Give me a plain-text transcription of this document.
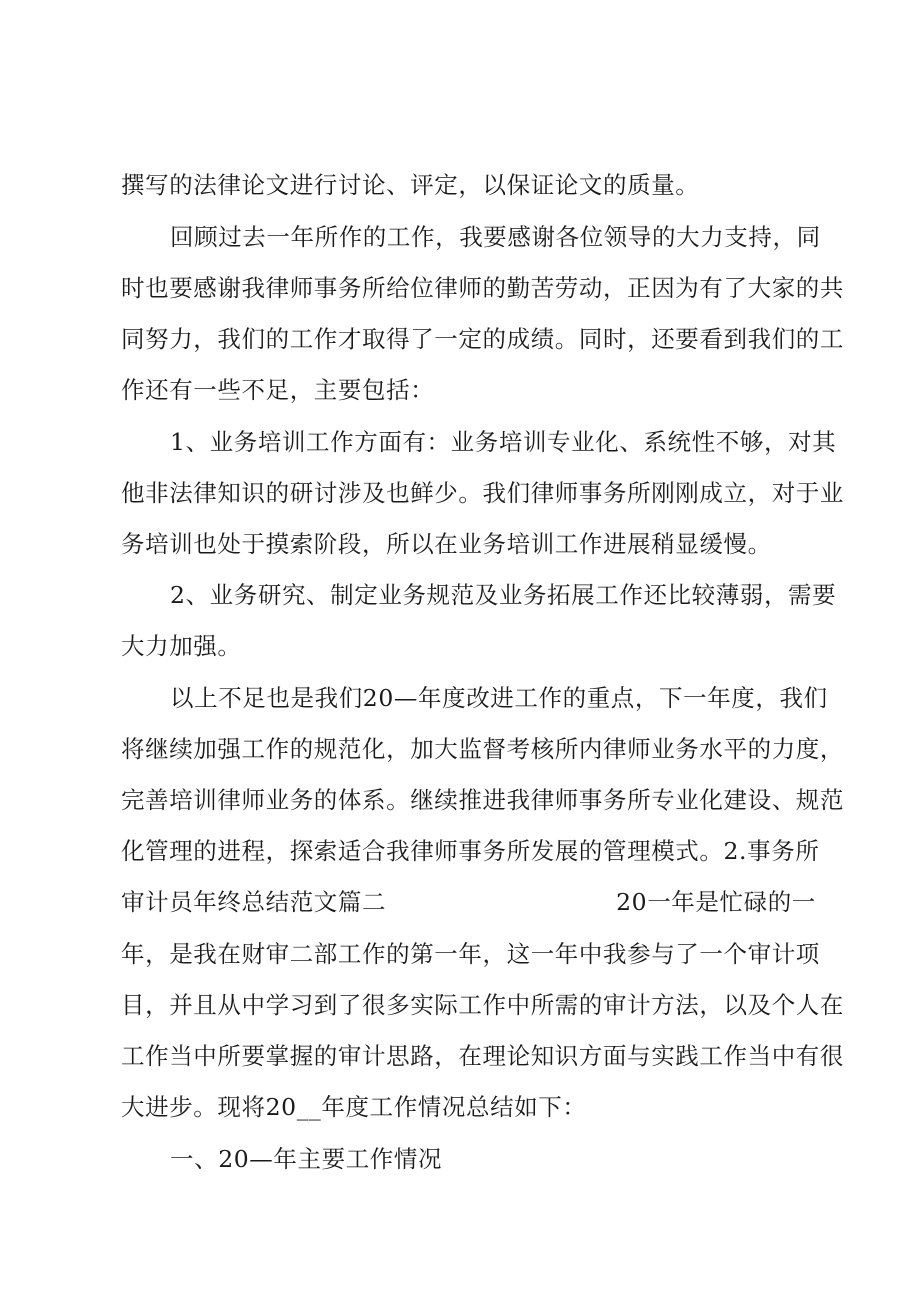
撰写的法律论文进行讨论、评定，以保证论文的质量。
回顾过去一年所作的工作，我要感谢各位领导的大力支持，同
时也要感谢我律师事务所给位律师的勤苦劳动，正因为有了大家的共
同努力，我们的工作才取得了一定的成绩。同时，还要看到我们的工
作还有一些不足，主要包括：
1、业务培训工作方面有：业务培训专业化、系统性不够，对其
他非法律知识的研讨涉及也鲜少。我们律师事务所刚刚成立，对于业
务培训也处于摸索阶段，所以在业务培训工作进展稍显缓慢。
2、业务研究、制定业务规范及业务拓展工作还比较薄弱，需要
大力加强。
以上不足也是我们20—年度改进工作的重点，下一年度，我们
将继续加强工作的规范化，加大监督考核所内律师业务水平的力度，
完善培训律师业务的体系。继续推进我律师事务所专业化建设、规范
化管理的进程，探索适合我律师事务所发展的管理模式。2.事务所
审计员年终总结范文篇二	20一年是忙碌的一
年，是我在财审二部工作的第一年，这一年中我参与了一个审计项
目，并且从中学习到了很多实际工作中所需的审计方法，以及个人在
工作当中所要掌握的审计思路，在理论知识方面与实践工作当中有很
大进步。现将20__年度工作情况总结如下：
一、20—年主要工作情况
